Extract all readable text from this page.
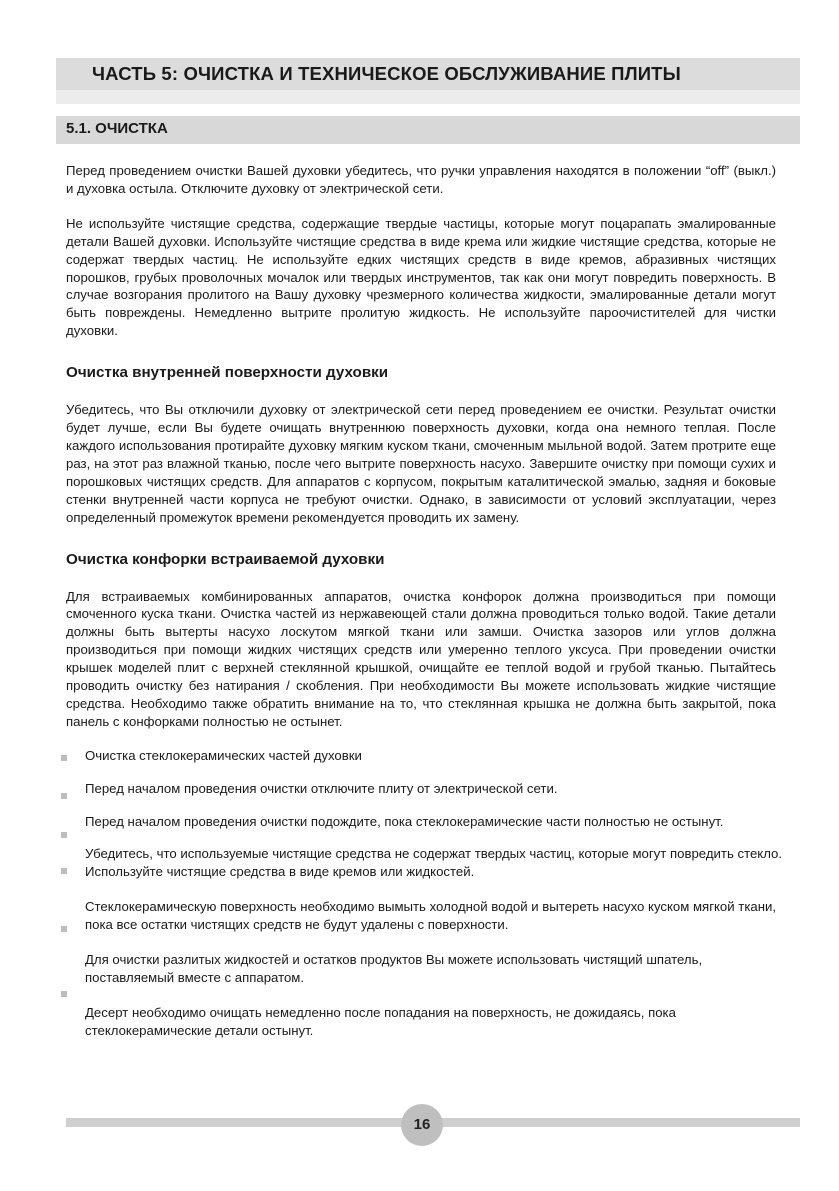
ЧАСТЬ 5: ОЧИСТКА И ТЕХНИЧЕСКОЕ ОБСЛУЖИВАНИЕ ПЛИТЫ
5.1. ОЧИСТКА

Перед проведением очистки Вашей духовки убедитесь, что ручки управления находятся в положении “off” (выкл.) и духовка остыла. Отключите духовку от электрической сети.

Не используйте чистящие средства, содержащие твердые частицы, которые могут поцарапать эмалированные детали Вашей духовки. Используйте чистящие средства в виде крема или жидкие чистящие средства, которые не содержат твердых частиц. Не используйте едких чистящих средств в виде кремов, абразивных чистящих порошков, грубых проволочных мочалок или твердых инструментов, так как они могут повредить поверхность. В случае возгорания пролитого на Вашу духовку чрезмерного количества жидкости, эмалированные детали могут быть повреждены. Немедленно вытрите пролитую жидкость. Не используйте пароочистителей для чистки духовки.

Очистка внутренней поверхности духовки

Убедитесь, что Вы отключили духовку от электрической сети перед проведением ее очистки. Результат очистки будет лучше, если Вы будете очищать внутреннюю поверхность духовки, когда она немного теплая. После каждого использования протирайте духовку мягким куском ткани, смоченным мыльной водой. Затем протрите еще раз, на этот раз влажной тканью, после чего вытрите поверхность насухо. Завершите очистку при помощи сухих и порошковых чистящих средств. Для аппаратов с корпусом, покрытым каталитической эмалью, задняя и боковые стенки внутренней части корпуса не требуют очистки. Однако, в зависимости от условий эксплуатации, через определенный промежуток времени рекомендуется проводить их замену.

Очистка конфорки встраиваемой духовки

Для встраиваемых комбинированных аппаратов, очистка конфорок должна производиться при помощи смоченного куска ткани. Очистка частей из нержавеющей стали должна проводиться только водой. Такие детали должны быть вытерты насухо лоскутом мягкой ткани или замши. Очистка зазоров или углов должна производиться при помощи жидких чистящих средств или умеренно теплого уксуса. При проведении очистки крышек моделей плит с верхней стеклянной крышкой, очищайте ее теплой водой и грубой тканью. Пытайтесь проводить очистку без натирания / скобления. При необходимости Вы можете использовать жидкие чистящие средства. Необходимо также обратить внимание на то, что стеклянная крышка не должна быть закрытой, пока панель с конфорками полностью не остынет.

Очистка стеклокерамических частей духовки
Перед началом проведения очистки отключите плиту от электрической сети.
Перед началом проведения очистки подождите, пока стеклокерамические части полностью не остынут.
Убедитесь, что используемые чистящие средства не содержат твердых частиц, которые могут повредить стекло. Используйте чистящие средства в виде кремов или жидкостей.
Стеклокерамическую поверхность необходимо вымыть холодной водой и вытереть насухо куском мягкой ткани, пока все остатки чистящих средств не будут удалены с поверхности.
Для очистки разлитых жидкостей и остатков продуктов Вы можете использовать чистящий шпатель, поставляемый вместе с аппаратом.
Десерт необходимо очищать немедленно после попадания на поверхность, не дожидаясь, пока стеклокерамические детали остынут.
16
